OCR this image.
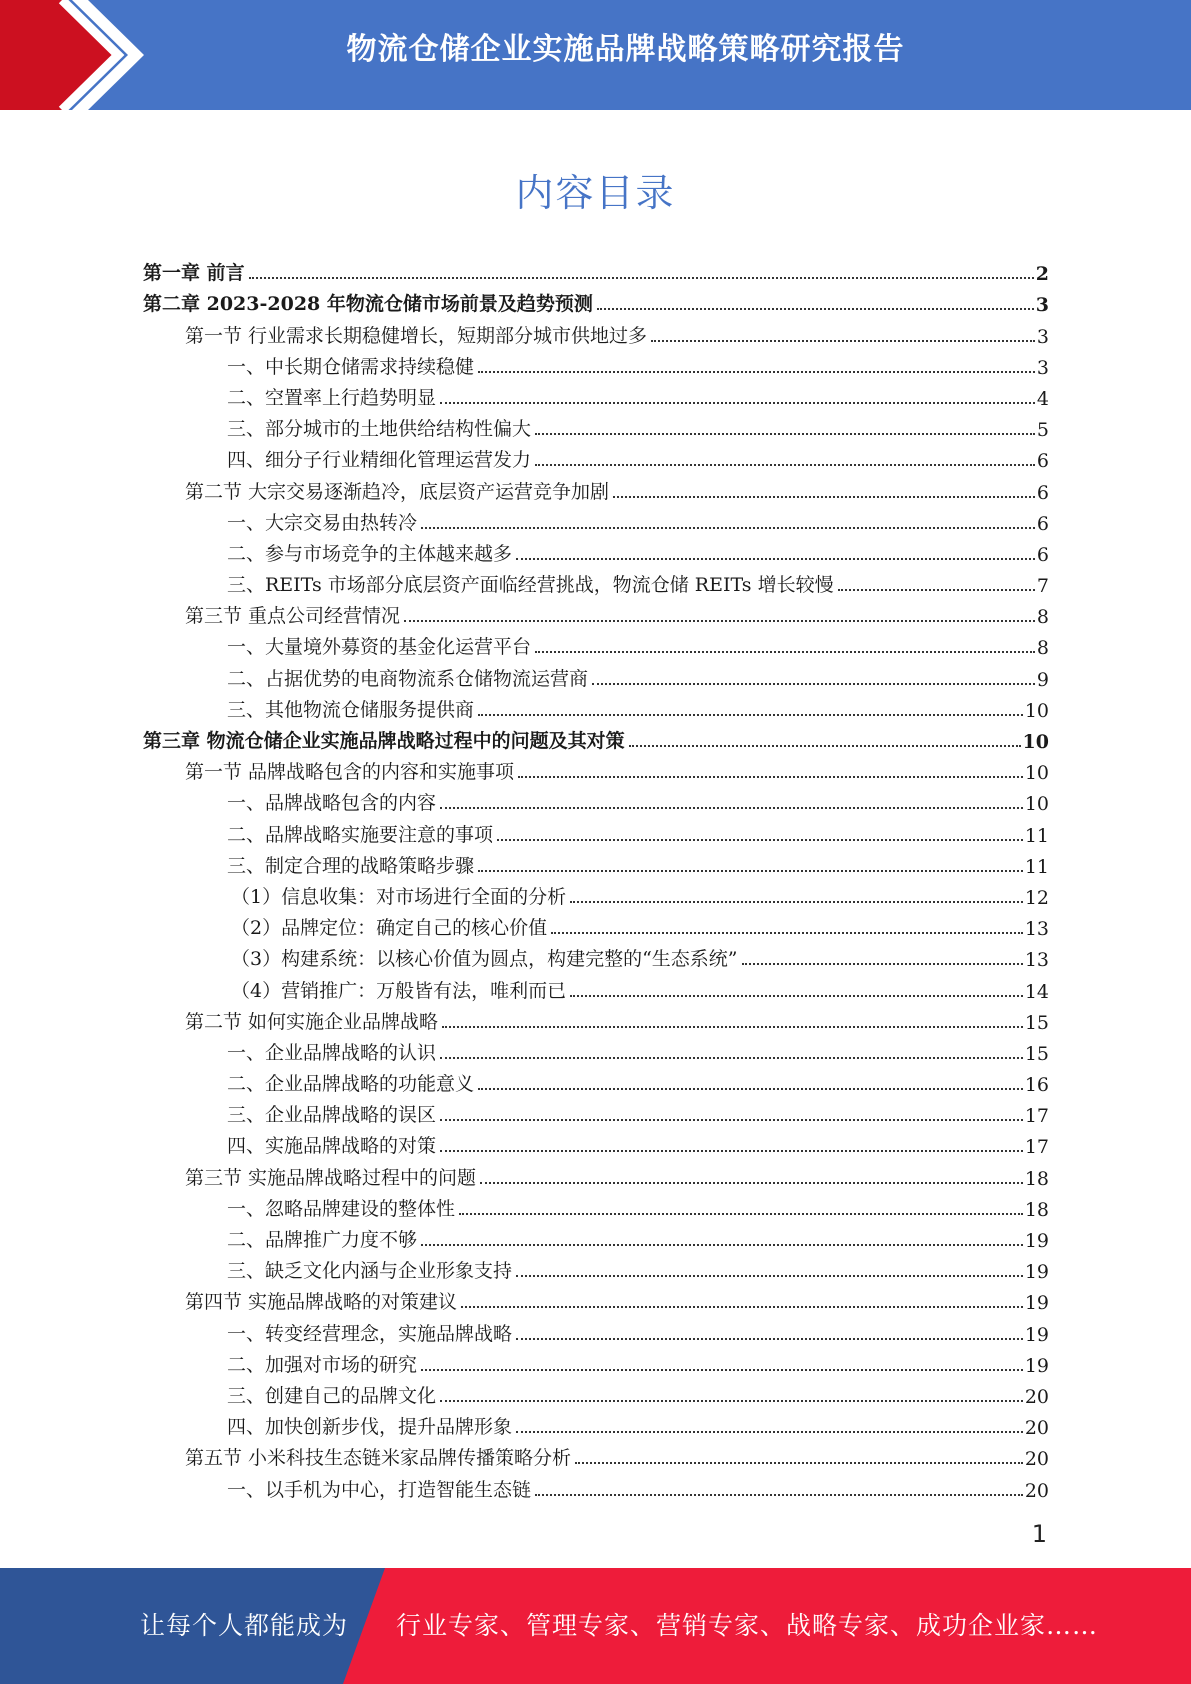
物流仓储企业实施品牌战略策略研究报告
内容目录
第一章 前言	2
第二章 2023-2028 年物流仓储市场前景及趋势预测	3
第一节 行业需求长期稳健增长，短期部分城市供地过多	3
一、中长期仓储需求持续稳健	3
二、空置率上行趋势明显	4
三、部分城市的土地供给结构性偏大	5
四、细分子行业精细化管理运营发力	6
第二节 大宗交易逐渐趋冷，底层资产运营竞争加剧	6
一、大宗交易由热转冷	6
二、参与市场竞争的主体越来越多	6
三、REITs 市场部分底层资产面临经营挑战，物流仓储 REITs 增长较慢	7
第三节 重点公司经营情况	8
一、大量境外募资的基金化运营平台	8
二、占据优势的电商物流系仓储物流运营商	9
三、其他物流仓储服务提供商	10
第三章 物流仓储企业实施品牌战略过程中的问题及其对策	10
第一节 品牌战略包含的内容和实施事项	10
一、品牌战略包含的内容	10
二、品牌战略实施要注意的事项	11
三、制定合理的战略策略步骤	11
（1）信息收集：对市场进行全面的分析	12
（2）品牌定位：确定自己的核心价值	13
（3）构建系统：以核心价值为圆点，构建完整的“生态系统”	13
（4）营销推广：万般皆有法，唯利而已	14
第二节 如何实施企业品牌战略	15
一、企业品牌战略的认识	15
二、企业品牌战略的功能意义	16
三、企业品牌战略的误区	17
四、实施品牌战略的对策	17
第三节 实施品牌战略过程中的问题	18
一、忽略品牌建设的整体性	18
二、品牌推广力度不够	19
三、缺乏文化内涵与企业形象支持	19
第四节 实施品牌战略的对策建议	19
一、转变经营理念，实施品牌战略	19
二、加强对市场的研究	19
三、创建自己的品牌文化	20
四、加快创新步伐，提升品牌形象	20
第五节 小米科技生态链米家品牌传播策略分析	20
一、以手机为中心，打造智能生态链	20
1
让每个人都能成为 行业专家、管理专家、营销专家、战略专家、成功企业家……
